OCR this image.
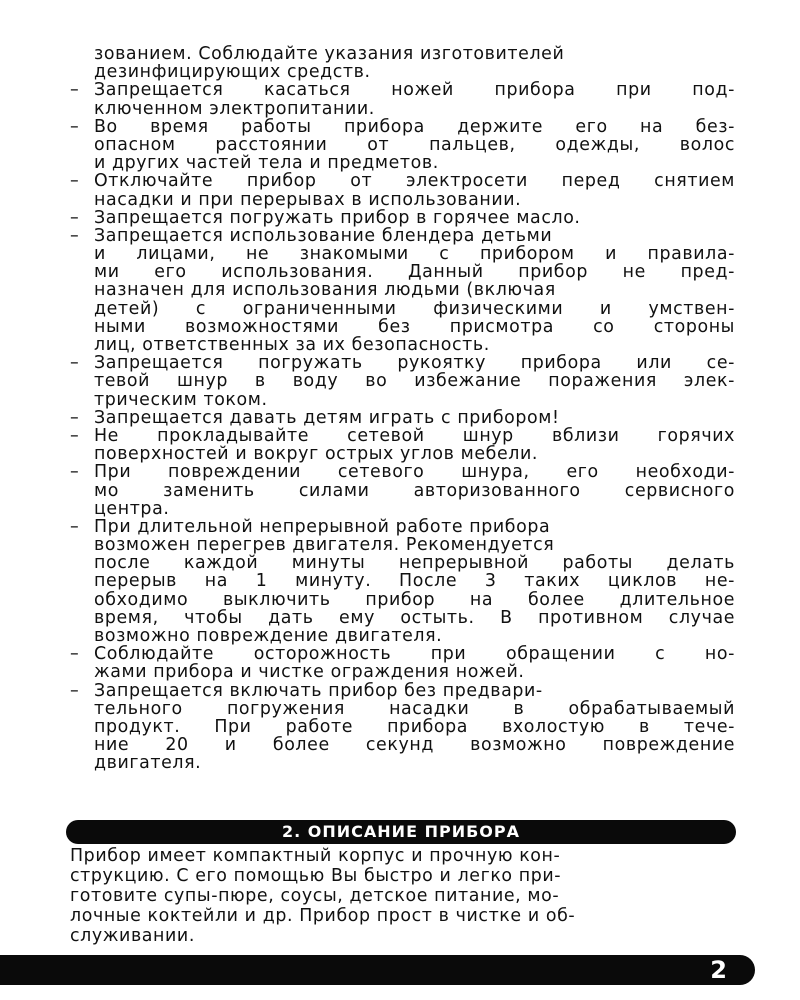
зованием. Соблюдайте указания изготовителей
дезинфицирующих средств.
– Запрещается касаться ножей прибора при под-
ключенном электропитании.
– Во время работы прибора держите его на без-
опасном расстоянии от пальцев, одежды, волос
и других частей тела и предметов.
– Отключайте прибор от электросети перед снятием
насадки и при перерывах в использовании.
– Запрещается погружать прибор в горячее масло.
– Запрещается использование блендера детьми
и лицами, не знакомыми с прибором и правила-
ми его использования. Данный прибор не пред-
назначен для использования людьми (включая
детей) с ограниченными физическими и умствен-
ными возможностями без присмотра со стороны
лиц, ответственных за их безопасность.
– Запрещается погружать рукоятку прибора или се-
тевой шнур в воду во избежание поражения элек-
трическим током.
– Запрещается давать детям играть с прибором!
– Не прокладывайте сетевой шнур вблизи горячих
поверхностей и вокруг острых углов мебели.
– При повреждении сетевого шнура, его необходи-
мо заменить силами авторизованного сервисного
центра.
– При длительной непрерывной работе прибора
возможен перегрев двигателя. Рекомендуется
после каждой минуты непрерывной работы делать
перерыв на 1 минуту. После 3 таких циклов не-
обходимо выключить прибор на более длительное
время, чтобы дать ему остыть. В противном случае
возможно повреждение двигателя.
– Соблюдайте осторожность при обращении с но-
жами прибора и чистке ограждения ножей.
– Запрещается включать прибор без предвари-
тельного погружения насадки в обрабатываемый
продукт. При работе прибора вхолостую в тече-
ние 20 и более секунд возможно повреждение
двигателя.
2. ОПИСАНИЕ ПРИБОРА
Прибор имеет компактный корпус и прочную кон-
струкцию. С его помощью Вы быстро и легко при-
готовите супы-пюре, соусы, детское питание, мо-
лочные коктейли и др. Прибор прост в чистке и об-
служивании.
2
